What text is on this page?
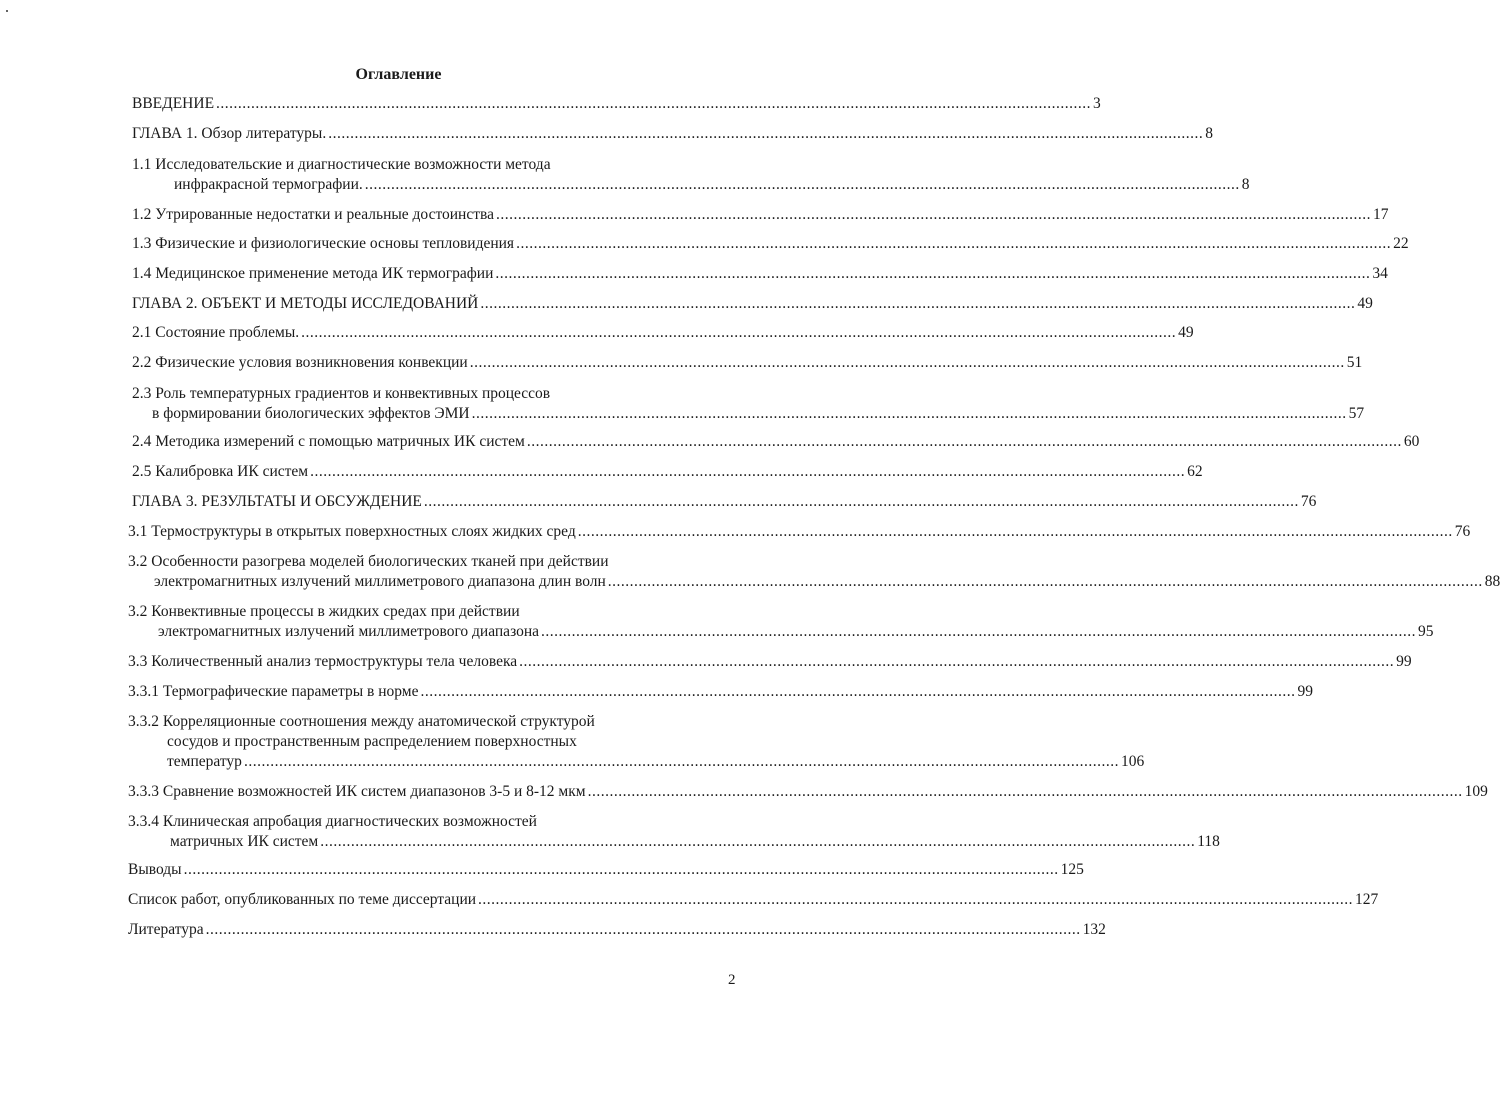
Оглавление
ВВЕДЕНИЕ ........................................................................................................................................................................................................ 3
ГЛАВА 1. Обзор литературы. ........................................................................................................................................................................................................ 8
1.1 Исследовательские и диагностические возможности метода
инфракрасной термографии. ........................................................................................................................................................................................................ 8
1.2 Утрированные недостатки и реальные достоинства ........................................................................................................................................................................................................ 17
1.3 Физические и физиологические основы тепловидения ........................................................................................................................................................................................................ 22
1.4 Медицинское применение метода ИК термографии ........................................................................................................................................................................................................ 34
ГЛАВА 2. ОБЪЕКТ И МЕТОДЫ ИССЛЕДОВАНИЙ ........................................................................................................................................................................................................ 49
2.1 Состояние проблемы. ........................................................................................................................................................................................................ 49
2.2 Физические условия возникновения конвекции ........................................................................................................................................................................................................ 51
2.3 Роль температурных градиентов и конвективных процессов
в формировании биологических эффектов ЭМИ ........................................................................................................................................................................................................ 57
2.4 Методика измерений с помощью матричных ИК систем ........................................................................................................................................................................................................ 60
2.5 Калибровка ИК систем ........................................................................................................................................................................................................ 62
ГЛАВА 3. РЕЗУЛЬТАТЫ И ОБСУЖДЕНИЕ ........................................................................................................................................................................................................ 76
3.1 Термоструктуры в открытых поверхностных слоях жидких сред ........................................................................................................................................................................................................ 76
3.2 Особенности разогрева моделей биологических тканей при действии
электромагнитных излучений миллиметрового диапазона длин волн ........................................................................................................................................................................................................ 88
3.2 Конвективные процессы в жидких средах при действии
электромагнитных излучений миллиметрового диапазона ........................................................................................................................................................................................................ 95
3.3 Количественный анализ термоструктуры тела человека ........................................................................................................................................................................................................ 99
3.3.1 Термографические параметры в норме ........................................................................................................................................................................................................ 99
3.3.2 Корреляционные соотношения между анатомической структурой
сосудов и пространственным распределением поверхностных
температур ........................................................................................................................................................................................................ 106
3.3.3 Сравнение возможностей ИК систем диапазонов 3-5 и 8-12 мкм ........................................................................................................................................................................................................ 109
3.3.4 Клиническая апробация диагностических возможностей
матричных ИК систем ........................................................................................................................................................................................................ 118
Выводы ........................................................................................................................................................................................................ 125
Список работ, опубликованных по теме диссертации ........................................................................................................................................................................................................ 127
Литература ........................................................................................................................................................................................................ 132
2
